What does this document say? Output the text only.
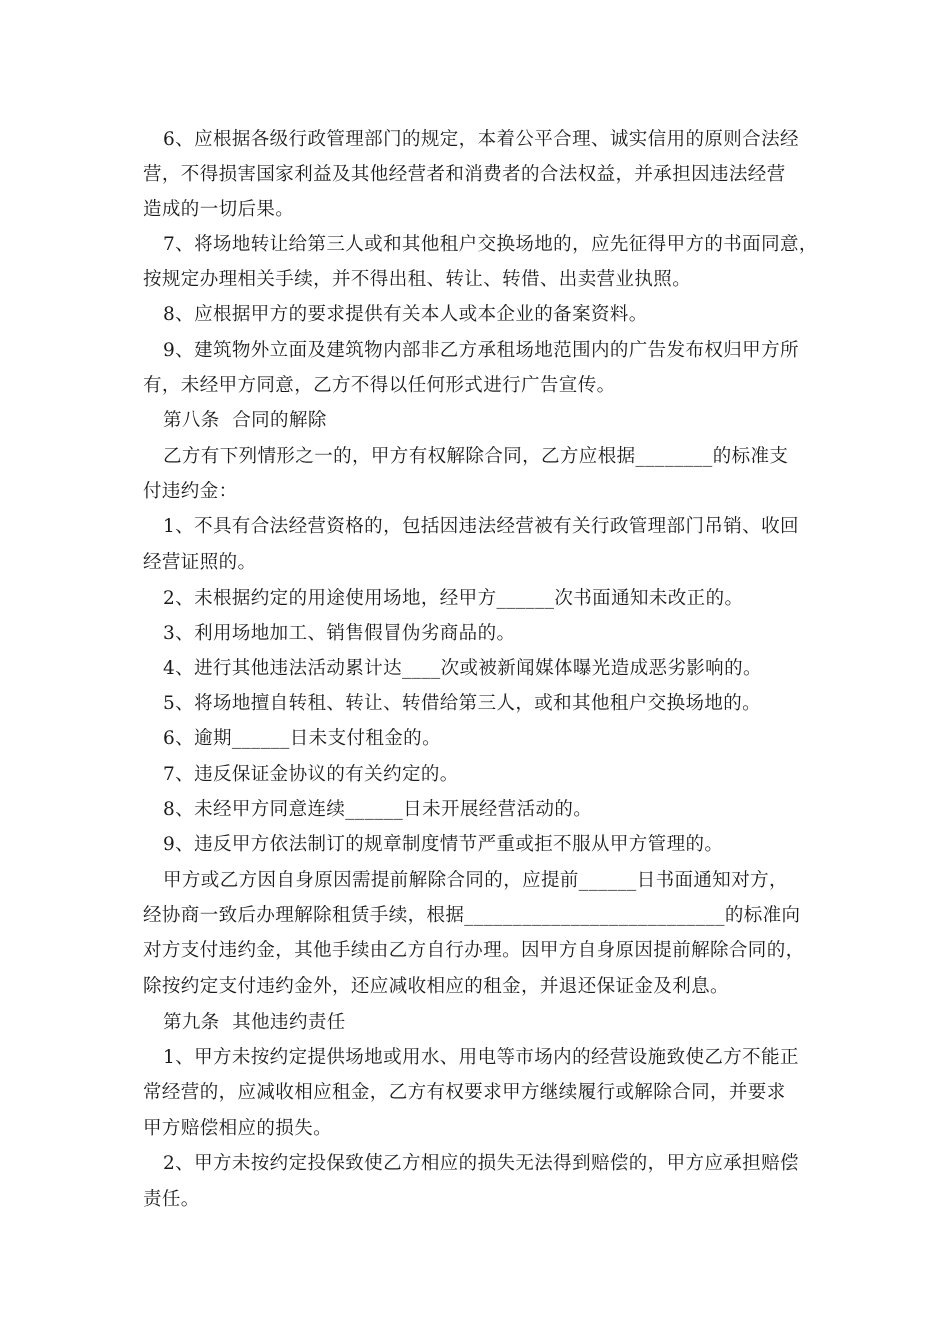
6、应根据各级行政管理部门的规定，本着公平合理、诚实信用的原则合法经
营，不得损害国家利益及其他经营者和消费者的合法权益，并承担因违法经营
造成的一切后果。
7、将场地转让给第三人或和其他租户交换场地的，应先征得甲方的书面同意，
按规定办理相关手续，并不得出租、转让、转借、出卖营业执照。
8、应根据甲方的要求提供有关本人或本企业的备案资料。
9、建筑物外立面及建筑物内部非乙方承租场地范围内的广告发布权归甲方所
有，未经甲方同意，乙方不得以任何形式进行广告宣传。
第八条  合同的解除
乙方有下列情形之一的，甲方有权解除合同，乙方应根据________的标准支
付违约金：
1、不具有合法经营资格的，包括因违法经营被有关行政管理部门吊销、收回
经营证照的。
2、未根据约定的用途使用场地，经甲方______次书面通知未改正的。
3、利用场地加工、销售假冒伪劣商品的。
4、进行其他违法活动累计达____次或被新闻媒体曝光造成恶劣影响的。
5、将场地擅自转租、转让、转借给第三人，或和其他租户交换场地的。
6、逾期______日未支付租金的。
7、违反保证金协议的有关约定的。
8、未经甲方同意连续______日未开展经营活动的。
9、违反甲方依法制订的规章制度情节严重或拒不服从甲方管理的。
甲方或乙方因自身原因需提前解除合同的，应提前______日书面通知对方，
经协商一致后办理解除租赁手续，根据___________________________的标准向
对方支付违约金，其他手续由乙方自行办理。因甲方自身原因提前解除合同的，
除按约定支付违约金外，还应减收相应的租金，并退还保证金及利息。
第九条  其他违约责任
1、甲方未按约定提供场地或用水、用电等市场内的经营设施致使乙方不能正
常经营的，应减收相应租金，乙方有权要求甲方继续履行或解除合同，并要求
甲方赔偿相应的损失。
2、甲方未按约定投保致使乙方相应的损失无法得到赔偿的，甲方应承担赔偿
责任。
